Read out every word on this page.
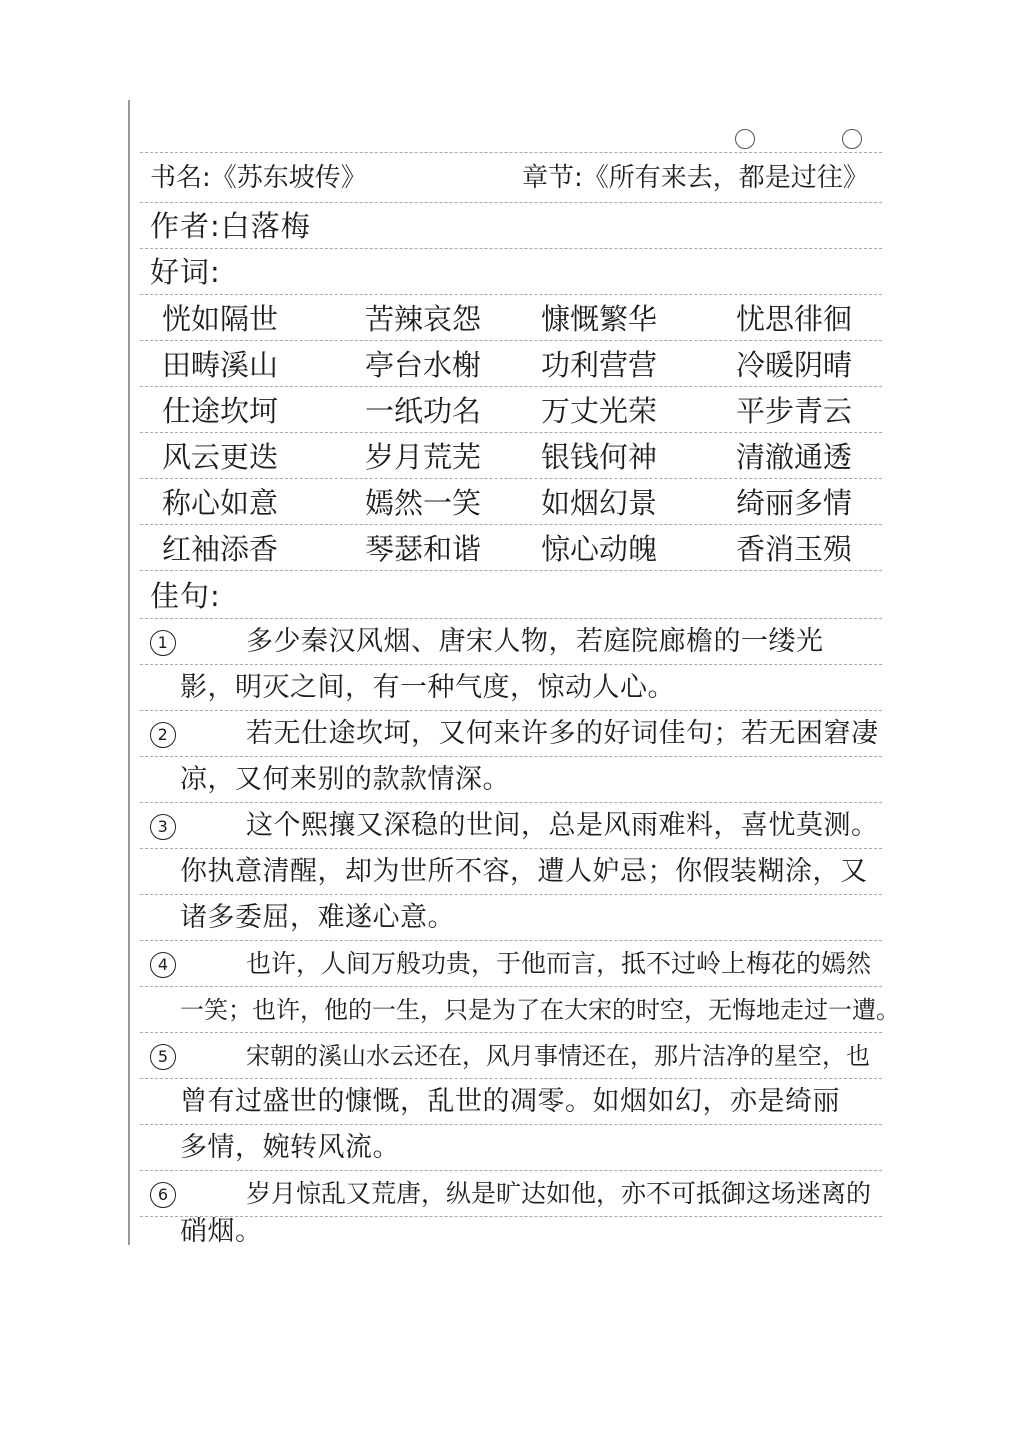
书名:《苏东坡传》	章节:《所有来去，都是过往》
作者:白落梅
好词:
恍如隔世	苦辣哀怨	慷慨繁华	忧思徘徊
田畴溪山	亭台水榭	功利营营	冷暖阴晴
仕途坎坷	一纸功名	万丈光荣	平步青云
风云更迭	岁月荒芜	银钱何神	清澈通透
称心如意	嫣然一笑	如烟幻景	绮丽多情
红袖添香	琴瑟和谐	惊心动魄	香消玉殒
佳句:
1	多少秦汉风烟、唐宋人物，若庭院廊檐的一缕光
影，明灭之间，有一种气度，惊动人心。
2	若无仕途坎坷，又何来许多的好词佳句；若无困窘凄
凉，又何来别的款款情深。
3	这个熙攘又深稳的世间，总是风雨难料，喜忧莫测。
你执意清醒，却为世所不容，遭人妒忌；你假装糊涂，又
诸多委屈，难遂心意。
4	也许，人间万般功贵，于他而言，抵不过岭上梅花的嫣然
一笑；也许，他的一生，只是为了在大宋的时空，无悔地走过一遭。
5	宋朝的溪山水云还在，风月事情还在，那片洁净的星空，也
曾有过盛世的慷慨，乱世的凋零。如烟如幻，亦是绮丽
多情，婉转风流。
6	岁月惊乱又荒唐，纵是旷达如他，亦不可抵御这场迷离的
硝烟。
